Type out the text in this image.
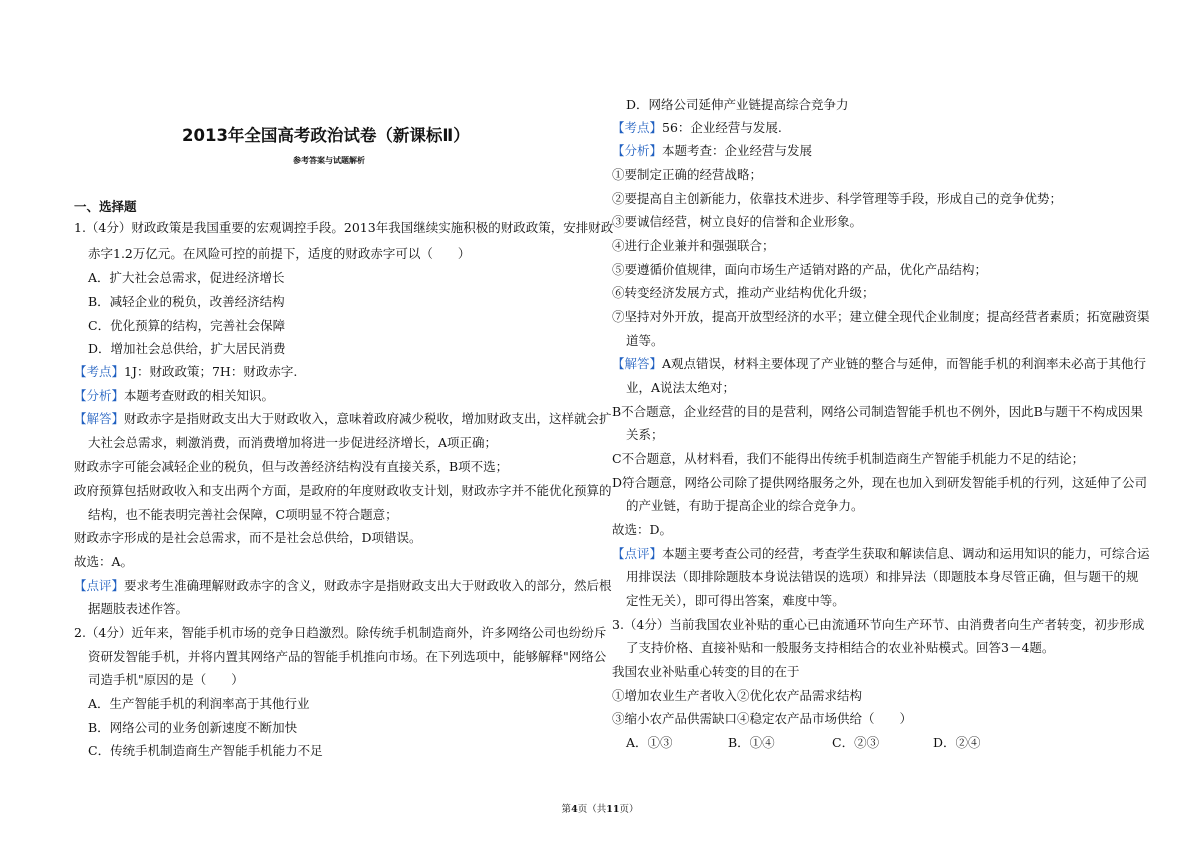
2013年全国高考政治试卷（新课标Ⅱ）
参考答案与试题解析
一、选择题
1.（4分）财政政策是我国重要的宏观调控手段。2013年我国继续实施积极的财政政策，安排财政
赤字1.2万亿元。在风险可控的前提下，适度的财政赤字可以（　　）
A．扩大社会总需求，促进经济增长
B．减轻企业的税负，改善经济结构
C．优化预算的结构，完善社会保障
D．增加社会总供给，扩大居民消费
【考点】1J：财政政策；7H：财政赤字.
【分析】本题考查财政的相关知识。
【解答】财政赤字是指财政支出大于财政收入，意味着政府减少税收，增加财政支出，这样就会扩
大社会总需求，刺激消费，而消费增加将进一步促进经济增长，A项正确；
财政赤字可能会减轻企业的税负，但与改善经济结构没有直接关系，B项不选；
政府预算包括财政收入和支出两个方面，是政府的年度财政收支计划，财政赤字并不能优化预算的
结构，也不能表明完善社会保障，C项明显不符合题意；
财政赤字形成的是社会总需求，而不是社会总供给，D项错误。
故选：A。
【点评】要求考生准确理解财政赤字的含义，财政赤字是指财政支出大于财政收入的部分，然后根
据题肢表述作答。
2.（4分）近年来，智能手机市场的竞争日趋激烈。除传统手机制造商外，许多网络公司也纷纷斥
资研发智能手机，并将内置其网络产品的智能手机推向市场。在下列选项中，能够解释"网络公
司造手机"原因的是（　　）
A．生产智能手机的利润率高于其他行业
B．网络公司的业务创新速度不断加快
C．传统手机制造商生产智能手机能力不足
D．网络公司延伸产业链提高综合竞争力
【考点】56：企业经营与发展.
【分析】本题考查：企业经营与发展
①要制定正确的经营战略；
②要提高自主创新能力，依靠技术进步、科学管理等手段，形成自己的竞争优势；
③要诚信经营，树立良好的信誉和企业形象。
④进行企业兼并和强强联合；
⑤要遵循价值规律，面向市场生产适销对路的产品，优化产品结构；
⑥转变经济发展方式，推动产业结构优化升级；
⑦坚持对外开放，提高开放型经济的水平；建立健全现代企业制度；提高经营者素质；拓宽融资渠
道等。
【解答】A观点错误，材料主要体现了产业链的整合与延伸，而智能手机的利润率未必高于其他行
业，A说法太绝对；
B不合题意，企业经营的目的是营利，网络公司制造智能手机也不例外，因此B与题干不构成因果
关系；
C不合题意，从材料看，我们不能得出传统手机制造商生产智能手机能力不足的结论；
D符合题意，网络公司除了提供网络服务之外，现在也加入到研发智能手机的行列，这延伸了公司
的产业链，有助于提高企业的综合竞争力。
故选：D。
【点评】本题主要考查公司的经营，考查学生获取和解读信息、调动和运用知识的能力，可综合运
用排误法（即排除题肢本身说法错误的选项）和排异法（即题肢本身尽管正确，但与题干的规
定性无关），即可得出答案，难度中等。
3.（4分）当前我国农业补贴的重心已由流通环节向生产环节、由消费者向生产者转变，初步形成
了支持价格、直接补贴和一般服务支持相结合的农业补贴模式。回答3－4题。
我国农业补贴重心转变的目的在于
①增加农业生产者收入②优化农产品需求结构
③缩小农产品供需缺口④稳定农产品市场供给（　　）
A．①③	B．①④	C．②③	D．②④
第4页（共11页）
